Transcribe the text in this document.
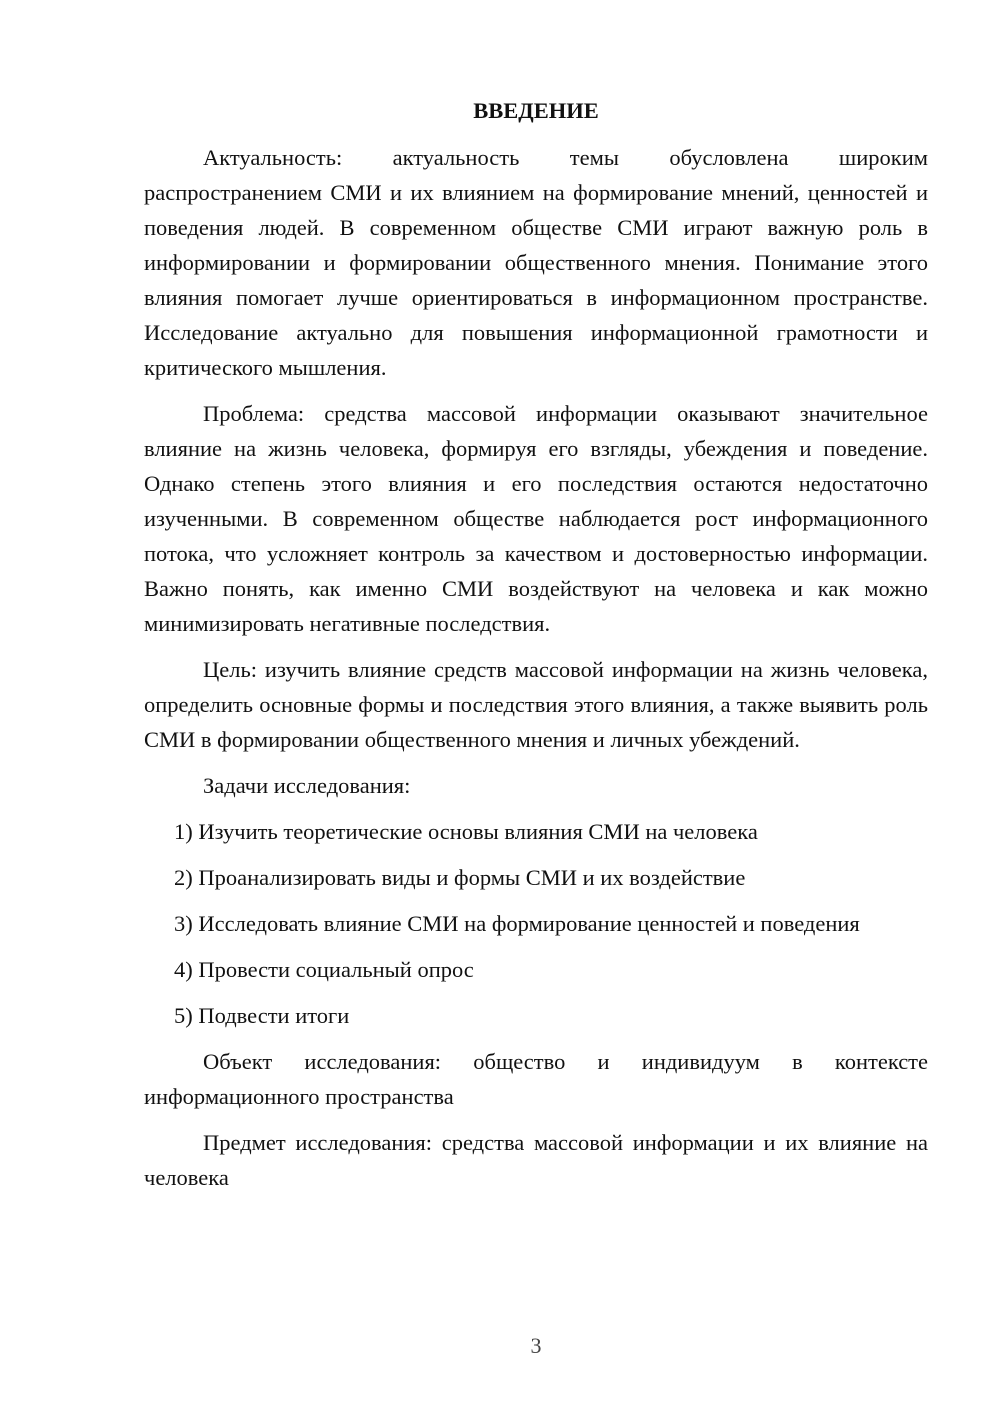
ВВЕДЕНИЕ

Актуальность: актуальность темы обусловлена широким распространением СМИ и их влиянием на формирование мнений, ценностей и поведения людей. В современном обществе СМИ играют важную роль в информировании и формировании общественного мнения. Понимание этого влияния помогает лучше ориентироваться в информационном пространстве. Исследование актуально для повышения информационной грамотности и критического мышления.

Проблема: средства массовой информации оказывают значительное влияние на жизнь человека, формируя его взгляды, убеждения и поведение. Однако степень этого влияния и его последствия остаются недостаточно изученными. В современном обществе наблюдается рост информационного потока, что усложняет контроль за качеством и достоверностью информации. Важно понять, как именно СМИ воздействуют на человека и как можно минимизировать негативные последствия.

Цель: изучить влияние средств массовой информации на жизнь человека, определить основные формы и последствия этого влияния, а также выявить роль СМИ в формировании общественного мнения и личных убеждений.

Задачи исследования:

1) Изучить теоретические основы влияния СМИ на человека

2) Проанализировать виды и формы СМИ и их воздействие

3) Исследовать влияние СМИ на формирование ценностей и поведения

4) Провести социальный опрос

5) Подвести итоги

Объект исследования: общество и индивидуум в контексте информационного пространства

Предмет исследования: средства массовой информации и их влияние на человека

3
